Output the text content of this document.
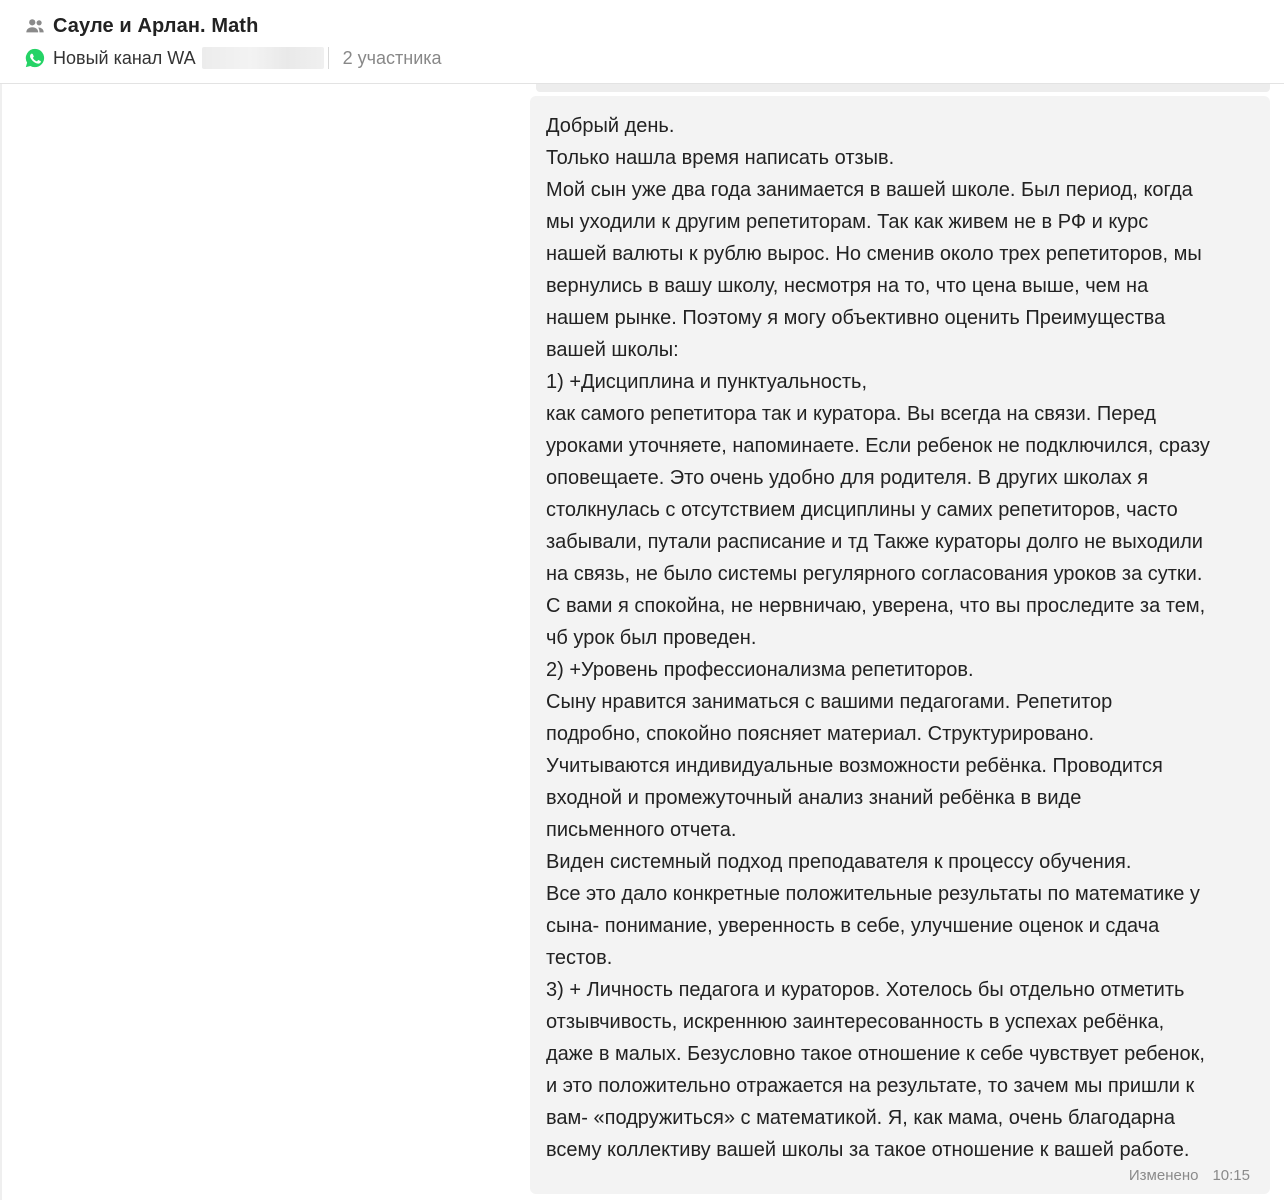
Сауле и Арлан. Math
Новый канал WA	2 участника
Добрый день.
Только нашла время написать отзыв.
Мой сын уже два года занимается в вашей школе. Был период, когда
мы уходили к другим репетиторам. Так как живем не в РФ и курс
нашей валюты к рублю вырос. Но сменив около трех репетиторов, мы
вернулись в вашу школу, несмотря на то, что цена выше, чем на
нашем рынке. Поэтому я могу объективно оценить Преимущества
вашей школы:
1) +Дисциплина и пунктуальность,
как самого репетитора так и куратора. Вы всегда на связи. Перед
уроками уточняете, напоминаете. Если ребенок не подключился, сразу
оповещаете. Это очень удобно для родителя. В других школах я
столкнулась с отсутствием дисциплины у самих репетиторов, часто
забывали, путали расписание и тд Также кураторы долго не выходили
на связь, не было системы регулярного согласования уроков за сутки.
С вами я спокойна, не нервничаю, уверена, что вы проследите за тем,
чб урок был проведен.
2) +Уровень профессионализма репетиторов.
Сыну нравится заниматься с вашими педагогами. Репетитор
подробно, спокойно поясняет материал. Структурировано.
Учитываются индивидуальные возможности ребёнка. Проводится
входной и промежуточный анализ знаний ребёнка в виде
письменного отчета.
Виден системный подход преподавателя к процессу обучения.
Все это дало конкретные положительные результаты по математике у
сына- понимание, уверенность в себе, улучшение оценок и сдача
тестов.
3) + Личность педагога и кураторов. Хотелось бы отдельно отметить
отзывчивость, искреннюю заинтересованность в успехах ребёнка,
даже в малых. Безусловно такое отношение к себе чувствует ребенок,
и это положительно отражается на результате, то зачем мы пришли к
вам- «подружиться» с математикой. Я, как мама, очень благодарна
всему коллективу вашей школы за такое отношение к вашей работе.
Изменено 10:15
